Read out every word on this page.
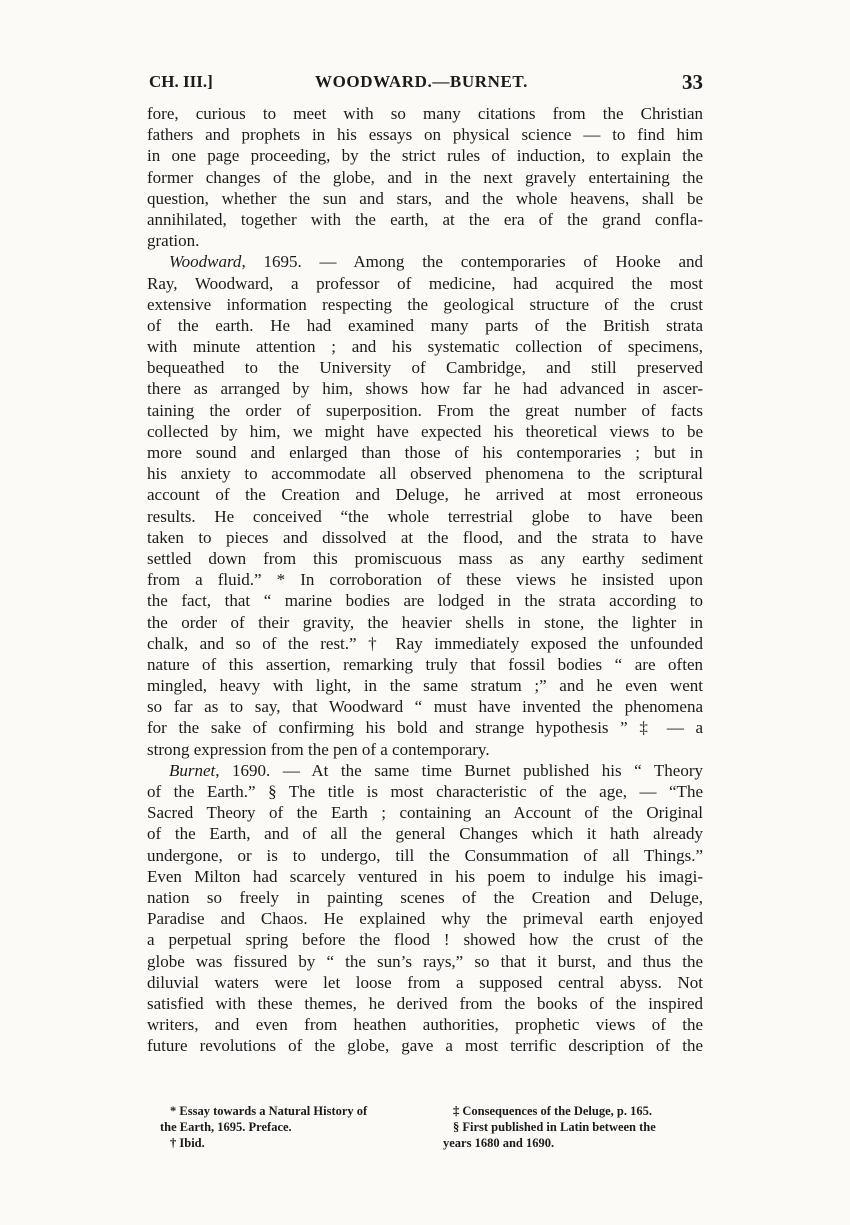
CH. III.]	WOODWARD.—BURNET.	33
fore, curious to meet with so many citations from the Christian
fathers and prophets in his essays on physical science — to find him
in one page proceeding, by the strict rules of induction, to explain the
former changes of the globe, and in the next gravely entertaining the
question, whether the sun and stars, and the whole heavens, shall be
annihilated, together with the earth, at the era of the grand confla-
gration.
Woodward, 1695. — Among the contemporaries of Hooke and
Ray, Woodward, a professor of medicine, had acquired the most
extensive information respecting the geological structure of the crust
of the earth. He had examined many parts of the British strata
with minute attention ; and his systematic collection of specimens,
bequeathed to the University of Cambridge, and still preserved
there as arranged by him, shows how far he had advanced in ascer-
taining the order of superposition. From the great number of facts
collected by him, we might have expected his theoretical views to be
more sound and enlarged than those of his contemporaries ; but in
his anxiety to accommodate all observed phenomena to the scriptural
account of the Creation and Deluge, he arrived at most erroneous
results. He conceived “the whole terrestrial globe to have been
taken to pieces and dissolved at the flood, and the strata to have
settled down from this promiscuous mass as any earthy sediment
from a fluid.” * In corroboration of these views he insisted upon
the fact, that “ marine bodies are lodged in the strata according to
the order of their gravity, the heavier shells in stone, the lighter in
chalk, and so of the rest.” † Ray immediately exposed the unfounded
nature of this assertion, remarking truly that fossil bodies “ are often
mingled, heavy with light, in the same stratum ;” and he even went
so far as to say, that Woodward “ must have invented the phenomena
for the sake of confirming his bold and strange hypothesis ” ‡ — a
strong expression from the pen of a contemporary.
Burnet, 1690. — At the same time Burnet published his “ Theory
of the Earth.” § The title is most characteristic of the age, — “The
Sacred Theory of the Earth ; containing an Account of the Original
of the Earth, and of all the general Changes which it hath already
undergone, or is to undergo, till the Consummation of all Things.”
Even Milton had scarcely ventured in his poem to indulge his imagi-
nation so freely in painting scenes of the Creation and Deluge,
Paradise and Chaos. He explained why the primeval earth enjoyed
a perpetual spring before the flood ! showed how the crust of the
globe was fissured by “ the sun’s rays,” so that it burst, and thus the
diluvial waters were let loose from a supposed central abyss. Not
satisfied with these themes, he derived from the books of the inspired
writers, and even from heathen authorities, prophetic views of the
future revolutions of the globe, gave a most terrific description of the
* Essay towards a Natural History of
the Earth, 1695. Preface.
† Ibid.
‡ Consequences of the Deluge, p. 165.
§ First published in Latin between the
years 1680 and 1690.
